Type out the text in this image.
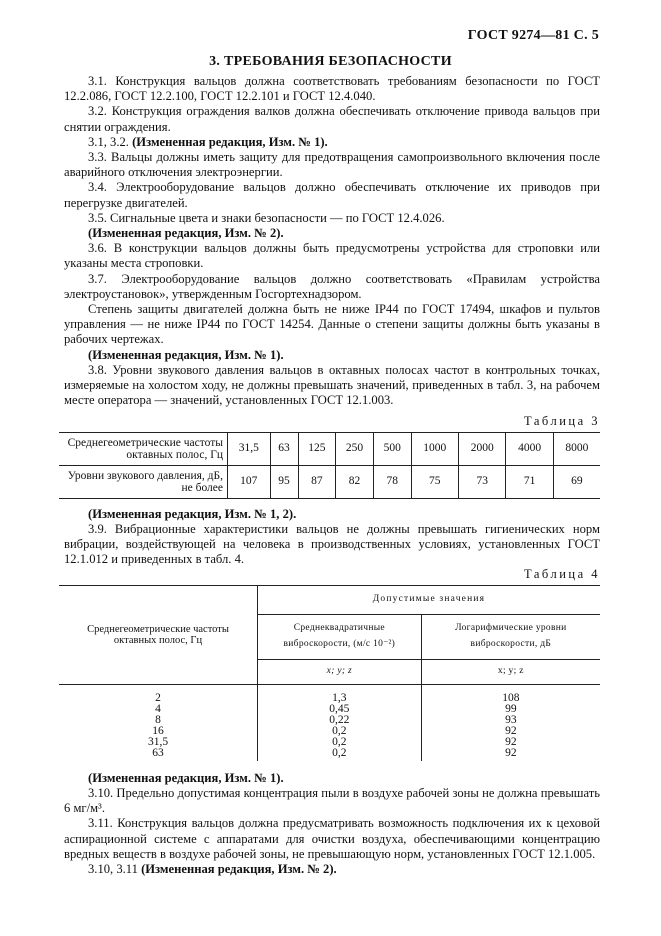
ГОСТ 9274—81 С. 5
3. ТРЕБОВАНИЯ БЕЗОПАСНОСТИ

3.1. Конструкция вальцов должна соответствовать требованиям безопасности по ГОСТ 12.2.086, ГОСТ 12.2.100, ГОСТ 12.2.101 и ГОСТ 12.4.040.

3.2. Конструкция ограждения валков должна обеспечивать отключение привода вальцов при снятии ограждения.

3.1, 3.2. (Измененная редакция, Изм. № 1).

3.3. Вальцы должны иметь защиту для предотвращения самопроизвольного включения после аварийного отключения электроэнергии.

3.4. Электрооборудование вальцов должно обеспечивать отключение их приводов при перегрузке двигателей.

3.5. Сигнальные цвета и знаки безопасности — по ГОСТ 12.4.026.

(Измененная редакция, Изм. № 2).

3.6. В конструкции вальцов должны быть предусмотрены устройства для строповки или указаны места строповки.

3.7. Электрооборудование вальцов должно соответствовать «Правилам устройства электроустановок», утвержденным Госгортехнадзором.

Степень защиты двигателей должна быть не ниже IP44 по ГОСТ 17494, шкафов и пультов управления — не ниже IP44 по ГОСТ 14254. Данные о степени защиты должны быть указаны в рабочих чертежах.

(Измененная редакция, Изм. № 1).

3.8. Уровни звукового давления вальцов в октавных полосах частот в контрольных точках, измеряемые на холостом ходу, не должны превышать значений, приведенных в табл. 3, на рабочем месте оператора — значений, установленных ГОСТ 12.1.003.

Таблица 3
Среднегеометрические частоты октавных полос, Гц	31,5	63	125	250	500	1000	2000	4000	8000
Уровни звукового давления, дБ, не более	107	95	87	82	78	75	73	71	69

(Измененная редакция, Изм. № 1, 2).

3.9. Вибрационные характеристики вальцов не должны превышать гигиенических норм вибрации, воздействующей на человека в производственных условиях, установленных ГОСТ 12.1.012 и приведенных в табл. 4.

Таблица 4
Среднегеометрические частоты октавных полос, Гц	Допустимые значения	
	Среднеквадратичные виброскорости, (м/с 10⁻²)	Логарифмические уровни виброскорости, дБ
	x; y; z	x; y; z
2	1,3	108
4	0,45	99
8	0,22	93
16	0,2	92
31,5	0,2	92
63	0,2	92

(Измененная редакция, Изм. № 1).

3.10. Предельно допустимая концентрация пыли в воздухе рабочей зоны не должна превышать 6 мг/м³.

3.11. Конструкция вальцов должна предусматривать возможность подключения их к цеховой аспирационной системе с аппаратами для очистки воздуха, обеспечивающими концентрацию вредных веществ в воздухе рабочей зоны, не превышающую норм, установленных ГОСТ 12.1.005.

3.10, 3.11 (Измененная редакция, Изм. № 2).
